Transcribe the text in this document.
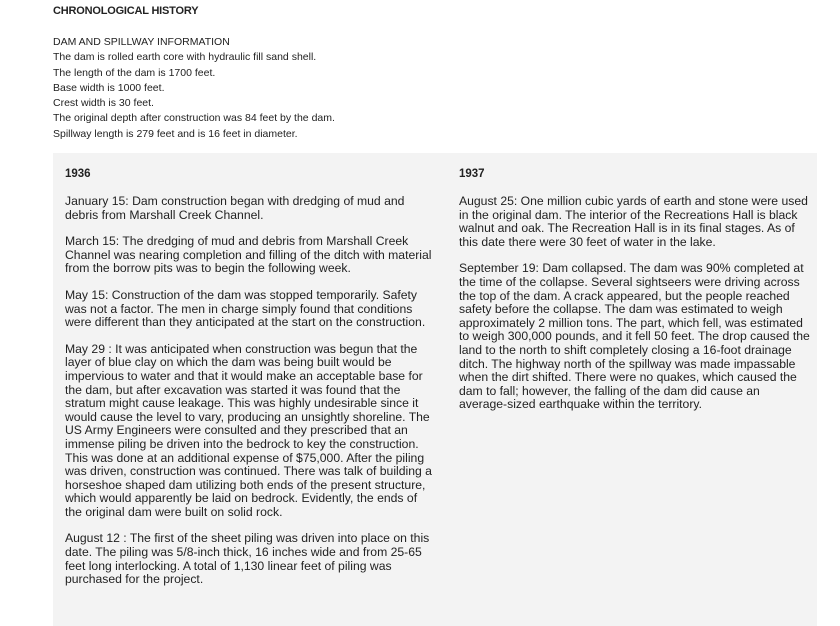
CHRONOLOGICAL HISTORY
DAM AND SPILLWAY INFORMATION
The dam is rolled earth core with hydraulic fill sand shell.
The length of the dam is 1700 feet.
Base width is 1000 feet.
Crest width is 30 feet.
The original depth after construction was 84 feet by the dam.
Spillway length is 279 feet and is 16 feet in diameter.
1936

January 15: Dam construction began with dredging of mud and debris from Marshall Creek Channel.

March 15: The dredging of mud and debris from Marshall Creek Channel was nearing completion and filling of the ditch with material from the borrow pits was to begin the following week.

May 15: Construction of the dam was stopped temporarily. Safety was not a factor. The men in charge simply found that conditions were different than they anticipated at the start on the construction.

May 29 : It was anticipated when construction was begun that the layer of blue clay on which the dam was being built would be impervious to water and that it would make an acceptable base for the dam, but after excavation was started it was found that the stratum might cause leakage. This was highly undesirable since it would cause the level to vary, producing an unsightly shoreline. The US Army Engineers were consulted and they prescribed that an immense piling be driven into the bedrock to key the construction. This was done at an additional expense of $75,000. After the piling was driven, construction was continued. There was talk of building a horseshoe shaped dam utilizing both ends of the present structure, which would apparently be laid on bedrock. Evidently, the ends of the original dam were built on solid rock.

August 12 : The first of the sheet piling was driven into place on this date. The piling was 5/8-inch thick, 16 inches wide and from 25-65 feet long interlocking. A total of 1,130 linear feet of piling was purchased for the project.

1937

August 25: One million cubic yards of earth and stone were used in the original dam. The interior of the Recreations Hall is black walnut and oak. The Recreation Hall is in its final stages. As of this date there were 30 feet of water in the lake.

September 19: Dam collapsed. The dam was 90% completed at the time of the collapse. Several sightseers were driving across the top of the dam. A crack appeared, but the people reached safety before the collapse. The dam was estimated to weigh approximately 2 million tons. The part, which fell, was estimated to weigh 300,000 pounds, and it fell 50 feet. The drop caused the land to the north to shift completely closing a 16-foot drainage ditch. The highway north of the spillway was made impassable when the dirt shifted. There were no quakes, which caused the dam to fall; however, the falling of the dam did cause an average-sized earthquake within the territory.
